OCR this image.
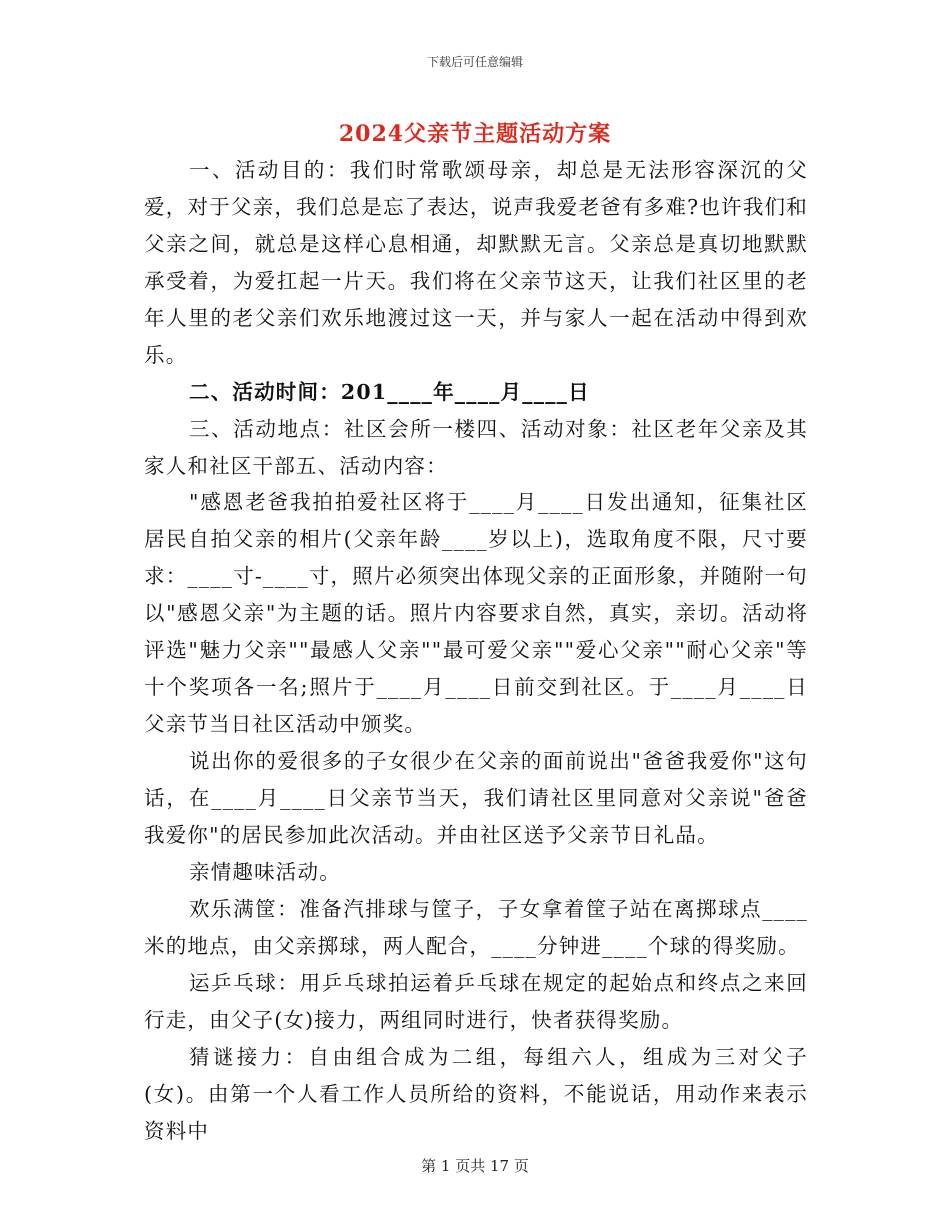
下载后可任意编辑
2024父亲节主题活动方案

一、活动目的：我们时常歌颂母亲，却总是无法形容深沉的父爱，对于父亲，我们总是忘了表达，说声我爱老爸有多难?也许我们和父亲之间，就总是这样心息相通，却默默无言。父亲总是真切地默默承受着，为爱扛起一片天。我们将在父亲节这天，让我们社区里的老年人里的老父亲们欢乐地渡过这一天，并与家人一起在活动中得到欢乐。

二、活动时间：201____年____月____日

三、活动地点：社区会所一楼四、活动对象：社区老年父亲及其家人和社区干部五、活动内容：

"感恩老爸我拍拍爱社区将于____月____日发出通知，征集社区居民自拍父亲的相片(父亲年龄____岁以上)，选取角度不限，尺寸要求：____寸-____寸，照片必须突出体现父亲的正面形象，并随附一句以"感恩父亲"为主题的话。照片内容要求自然，真实，亲切。活动将评选"魅力父亲""最感人父亲""最可爱父亲""爱心父亲""耐心父亲"等十个奖项各一名;照片于____月____日前交到社区。于____月____日父亲节当日社区活动中颁奖。

说出你的爱很多的子女很少在父亲的面前说出"爸爸我爱你"这句话，在____月____日父亲节当天，我们请社区里同意对父亲说"爸爸我爱你"的居民参加此次活动。并由社区送予父亲节日礼品。

亲情趣味活动。

欢乐满筐：准备汽排球与筐子，子女拿着筐子站在离掷球点____米的地点，由父亲掷球，两人配合，____分钟进____个球的得奖励。

运乒乓球：用乒乓球拍运着乒乓球在规定的起始点和终点之来回行走，由父子(女)接力，两组同时进行，快者获得奖励。

猜谜接力：自由组合成为二组，每组六人，组成为三对父子(女)。由第一个人看工作人员所给的资料，不能说话，用动作来表示资料中

第 1 页共 17 页
